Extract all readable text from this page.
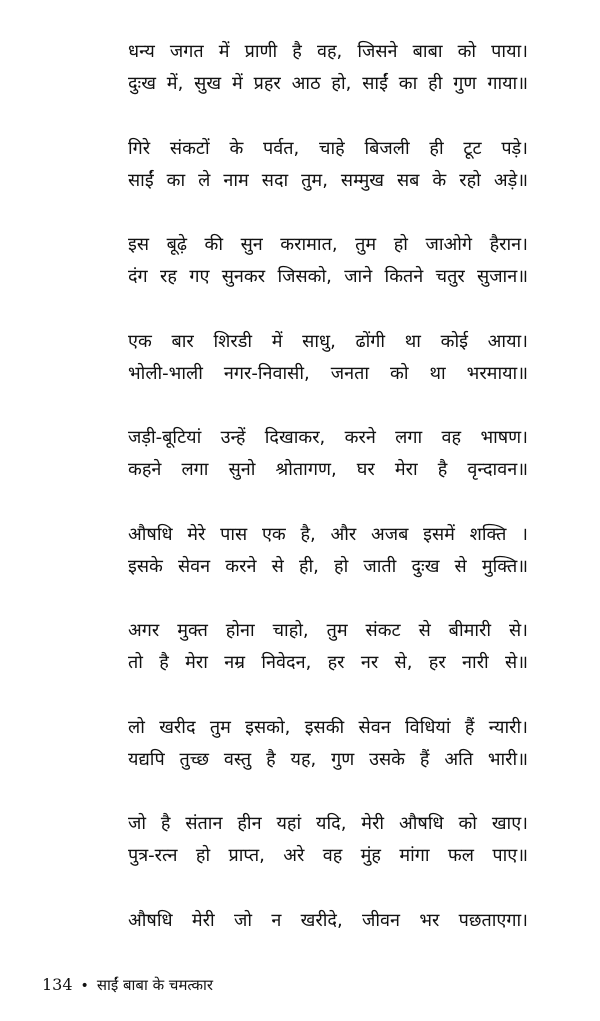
धन्य जगत में प्राणी है वह, जिसने बाबा को पाया।
दुःख में, सुख में प्रहर आठ हो, साईं का ही गुण गाया॥
गिरे संकटों के पर्वत, चाहे बिजली ही टूट पड़े।
साईं का ले नाम सदा तुम, सम्मुख सब के रहो अड़े॥
इस बूढ़े की सुन करामात, तुम हो जाओगे हैरान।
दंग रह गए सुनकर जिसको, जाने कितने चतुर सुजान॥
एक बार शिरडी में साधु, ढोंगी था कोई आया।
भोली-भाली नगर-निवासी, जनता को था भरमाया॥
जड़ी-बूटियां उन्हें दिखाकर, करने लगा वह भाषण।
कहने लगा सुनो श्रोतागण, घर मेरा है वृन्दावन॥
औषधि मेरे पास एक है, और अजब इसमें शक्ति ।
इसके सेवन करने से ही, हो जाती दुःख से मुक्ति॥
अगर मुक्त होना चाहो, तुम संकट से बीमारी से।
तो है मेरा नम्र निवेदन, हर नर से, हर नारी से॥
लो खरीद तुम इसको, इसकी सेवन विधियां हैं न्यारी।
यद्यपि तुच्छ वस्तु है यह, गुण उसके हैं अति भारी॥
जो है संतान हीन यहां यदि, मेरी औषधि को खाए।
पुत्र-रत्न हो प्राप्त, अरे वह मुंह मांगा फल पाए॥
औषधि मेरी जो न खरीदे, जीवन भर पछताएगा।
134 • साईं बाबा के चमत्कार
